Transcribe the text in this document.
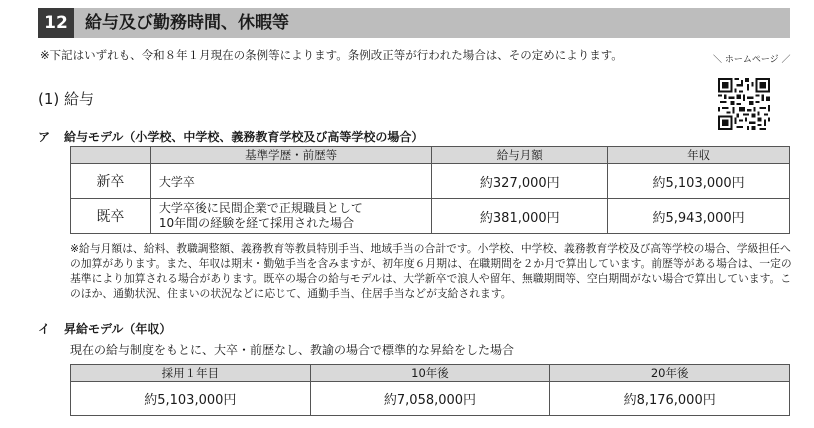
12	給与及び勤務時間、休暇等
※下記はいずれも、令和８年１月現在の条例等によります。条例改正等が行われた場合は、その定めによります。	＼ ホームページ ／
(1) 給与
ア 給与モデル（小学校、中学校、義務教育学校及び高等学校の場合）
	基準学歴・前歴等	給与月額	年収
新卒	大学卒	約327,000円	約5,103,000円
既卒	大学卒後に民間企業で正規職員として
10年間の経験を経て採用された場合	約381,000円	約5,943,000円
※給与月額は、給料、教職調整額、義務教育等教員特別手当、地域手当の合計です。小学校、中学校、義務教育学校及び高等学校の場合、学級担任への加算があります。また、年収は期末・勤勉手当を含みますが、初年度６月期は、在職期間を２か月で算出しています。前歴等がある場合は、一定の基準により加算される場合があります。既卒の場合の給与モデルは、大学新卒で浪人や留年、無職期間等、空白期間がない場合で算出しています。このほか、通勤状況、住まいの状況などに応じて、通勤手当、住居手当などが支給されます。
イ 昇給モデル（年収）
現在の給与制度をもとに、大卒・前歴なし、教諭の場合で標準的な昇給をした場合
採用１年目	10年後	20年後
約5,103,000円	約7,058,000円	約8,176,000円
